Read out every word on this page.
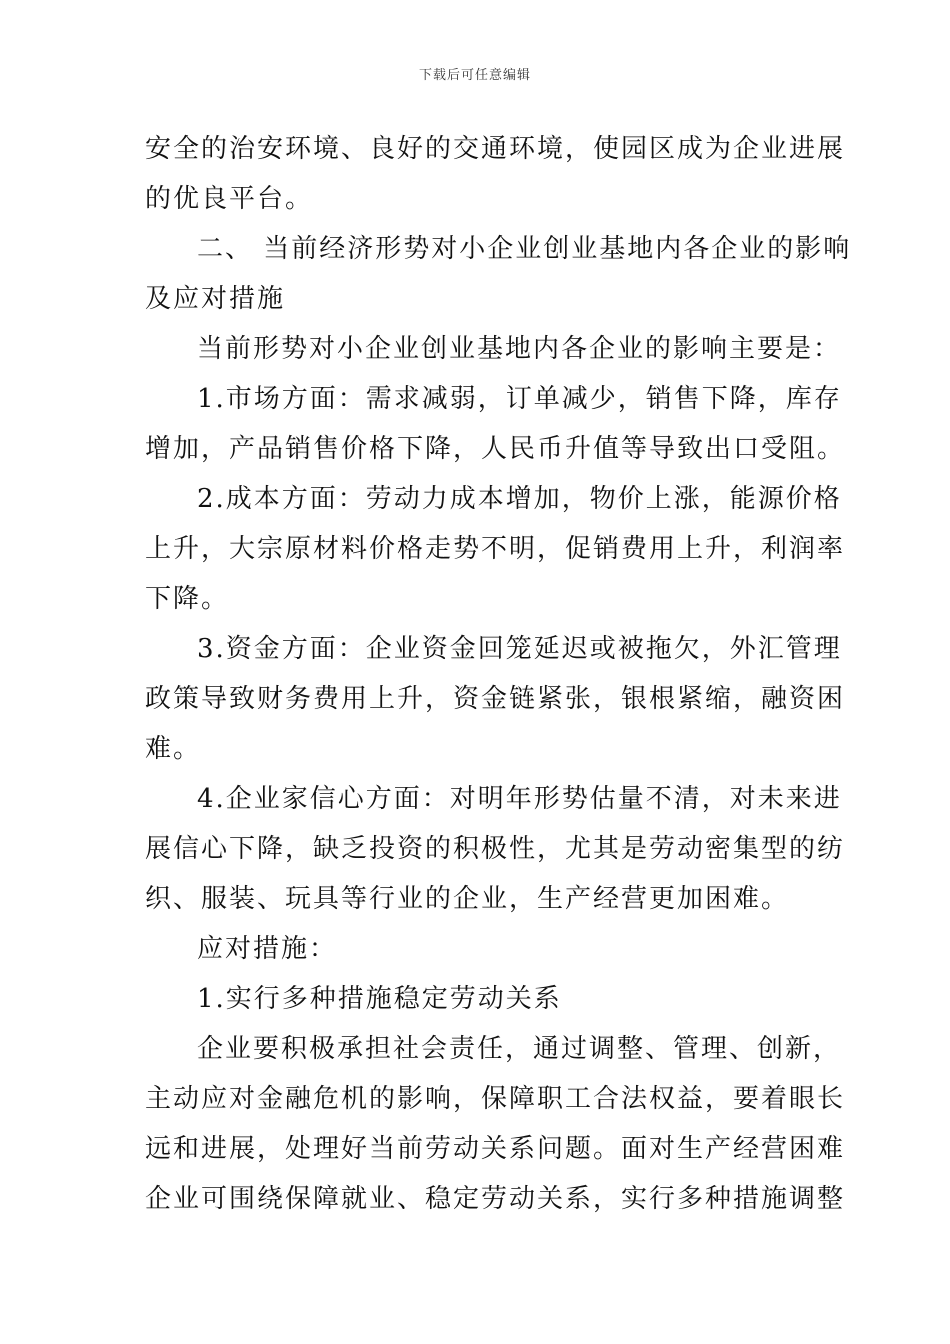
下载后可任意编辑
安全的治安环境、良好的交通环境，使园区成为企业进展
的优良平台。
二、 当前经济形势对小企业创业基地内各企业的影响
及应对措施
当前形势对小企业创业基地内各企业的影响主要是：
1.市场方面：需求减弱，订单减少，销售下降，库存
增加，产品销售价格下降，人民币升值等导致出口受阻。
2.成本方面：劳动力成本增加，物价上涨，能源价格
上升，大宗原材料价格走势不明，促销费用上升，利润率
下降。
3.资金方面：企业资金回笼延迟或被拖欠，外汇管理
政策导致财务费用上升，资金链紧张，银根紧缩，融资困
难。
4.企业家信心方面：对明年形势估量不清，对未来进
展信心下降，缺乏投资的积极性，尤其是劳动密集型的纺
织、服装、玩具等行业的企业，生产经营更加困难。
应对措施：
1.实行多种措施稳定劳动关系
企业要积极承担社会责任，通过调整、管理、创新，
主动应对金融危机的影响，保障职工合法权益，要着眼长
远和进展，处理好当前劳动关系问题。面对生产经营困难
企业可围绕保障就业、稳定劳动关系，实行多种措施调整
